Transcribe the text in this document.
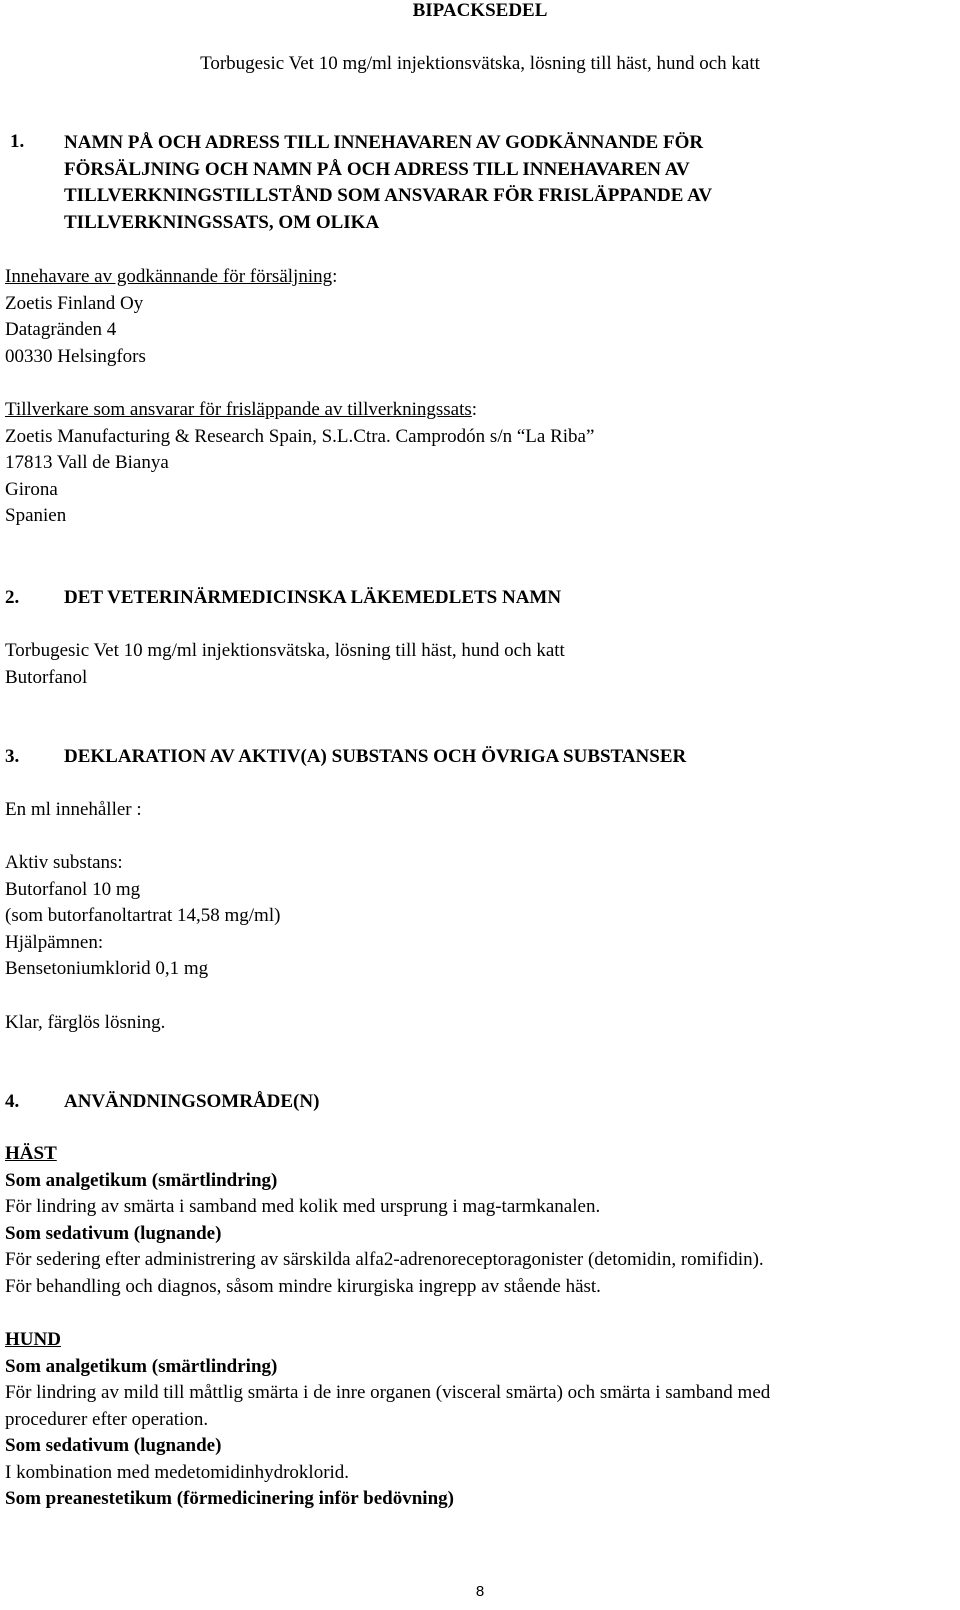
BIPACKSEDEL
Torbugesic Vet 10 mg/ml injektionsvätska, lösning till häst, hund och katt
1.	NAMN PÅ OCH ADRESS TILL INNEHAVAREN AV GODKÄNNANDE FÖR
FÖRSÄLJNING OCH NAMN PÅ OCH ADRESS TILL INNEHAVAREN AV
TILLVERKNINGSTILLSTÅND SOM ANSVARAR FÖR FRISLÄPPANDE AV
TILLVERKNINGSSATS, OM OLIKA
Innehavare av godkännande för försäljning:
Zoetis Finland Oy
Datagränden 4
00330 Helsingfors
Tillverkare som ansvarar för frisläppande av tillverkningssats:
Zoetis Manufacturing & Research Spain, S.L.Ctra. Camprodón s/n “La Riba”
17813 Vall de Bianya
Girona
Spanien
2.	DET VETERINÄRMEDICINSKA LÄKEMEDLETS NAMN
Torbugesic Vet 10 mg/ml injektionsvätska, lösning till häst, hund och katt
Butorfanol
3.	DEKLARATION AV AKTIV(A) SUBSTANS OCH ÖVRIGA SUBSTANSER
En ml innehåller :
Aktiv substans:
Butorfanol 10 mg
(som butorfanoltartrat 14,58 mg/ml)
Hjälpämnen:
Bensetoniumklorid 0,1 mg
Klar, färglös lösning.
4.	ANVÄNDNINGSOMRÅDE(N)
HÄST
Som analgetikum (smärtlindring)
För lindring av smärta i samband med kolik med ursprung i mag-tarmkanalen.
Som sedativum (lugnande)
För sedering efter administrering av särskilda alfa2-adrenoreceptoragonister (detomidin, romifidin).
För behandling och diagnos, såsom mindre kirurgiska ingrepp av stående häst.
HUND
Som analgetikum (smärtlindring)
För lindring av mild till måttlig smärta i de inre organen (visceral smärta) och smärta i samband med
procedurer efter operation.
Som sedativum (lugnande)
I kombination med medetomidinhydroklorid.
Som preanestetikum (förmedicinering inför bedövning)
8
